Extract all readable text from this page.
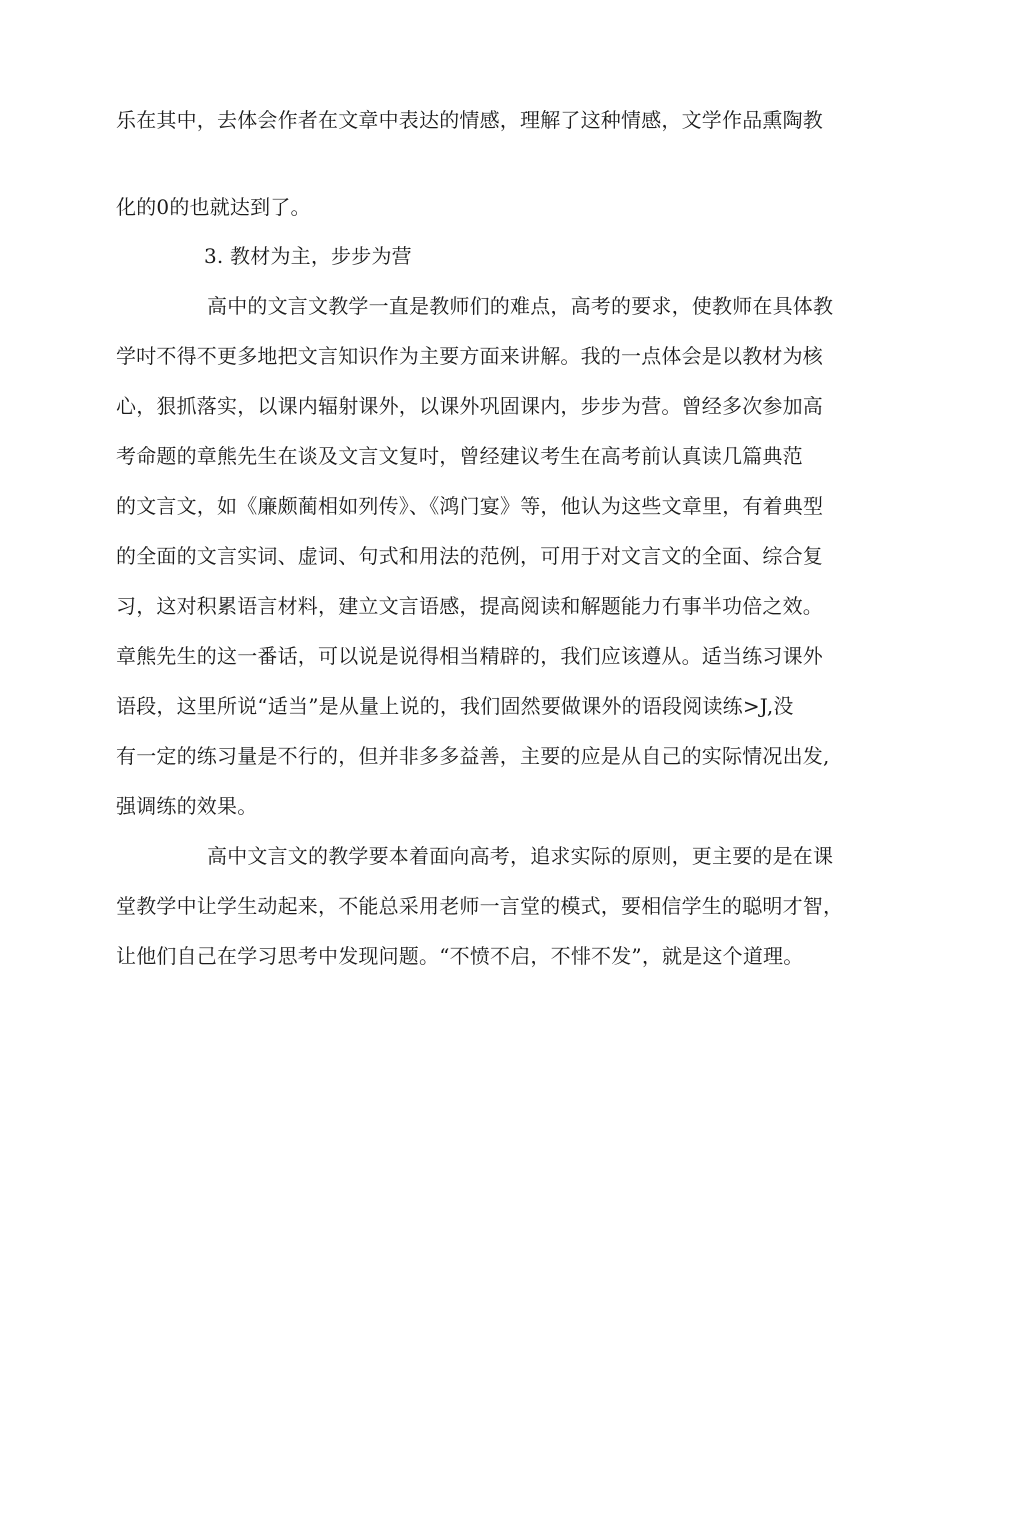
乐在其中，去体会作者在文章中表达的情感，理解了这种情感，文学作品熏陶教
化的0的也就达到了。
3. 教材为主，步步为营
高中的文言文教学一直是教师们的难点，高考的要求，使教师在具体教
学吋不得不更多地把文言知识作为主要方面来讲解。我的一点体会是以教材为核
心，狠抓落实，以课内辐射课外，以课外巩固课内，步步为营。曾经多次参加高
考命题的章熊先生在谈及文言文复吋，曾经建议考生在高考前认真读几篇典范
的文言文，如《廉颇蔺相如列传》、《鸿门宴》等，他认为这些文章里，有着典型
的全面的文言实词、虚词、句式和用法的范例，可用于对文言文的全面、综合复
习，这对积累语言材料，建立文言语感，提高阅读和解题能力冇事半功倍之效。
章熊先生的这一番话，可以说是说得相当精辟的，我们应该遵从。适当练习课外
语段，这里所说“适当”是从量上说的，我们固然要做课外的语段阅读练>J,没
有一定的练习量是不行的，但并非多多益善，主要的应是从自己的实际情况出发,
强调练的效果。
高中文言文的教学要本着面向高考，追求实际的原则，更主要的是在课
堂教学中让学生动起来，不能总采用老师一言堂的模式，要相信学生的聪明才智，
让他们自己在学习思考中发现问题。“不愤不启，不悱不发”，就是这个道理。
